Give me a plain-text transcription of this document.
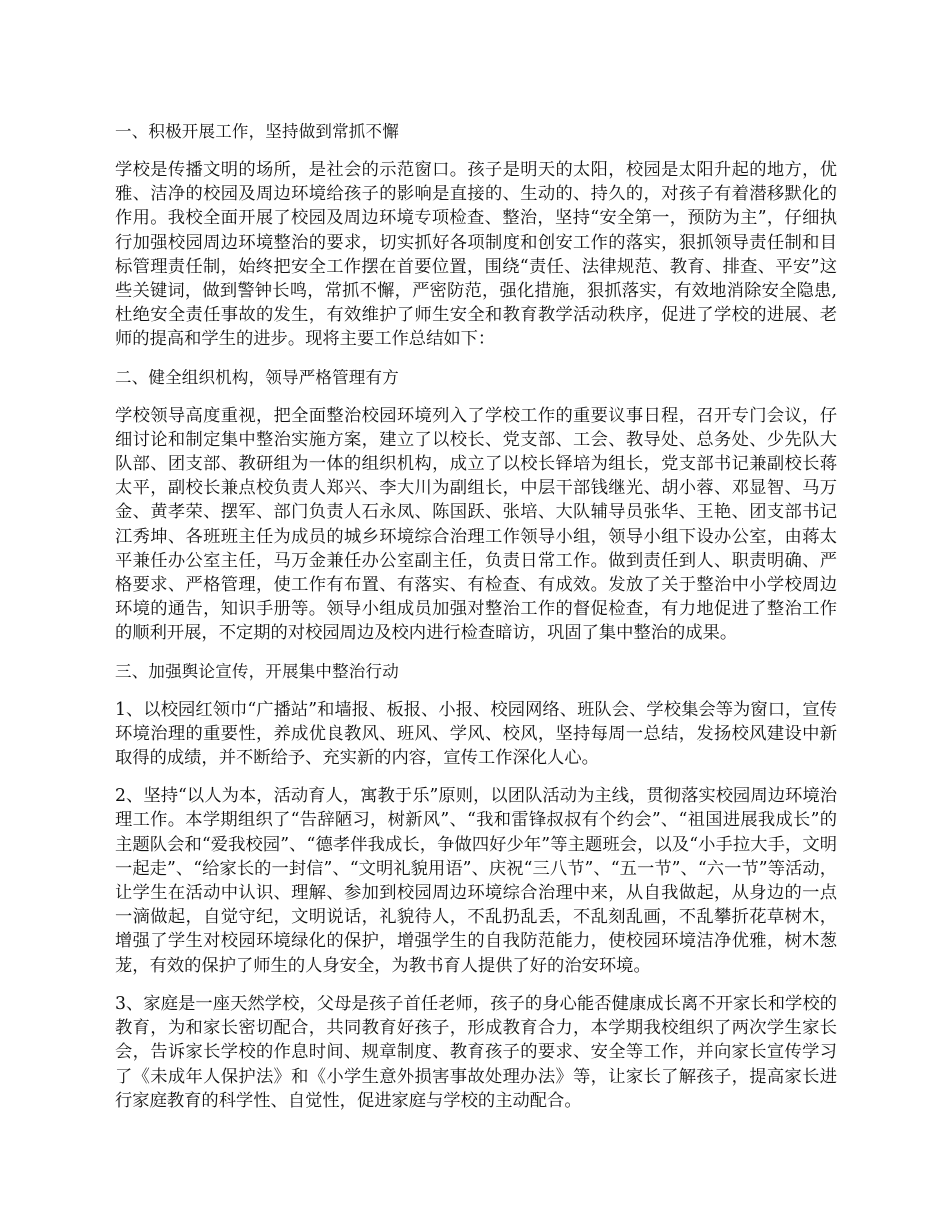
一、积极开展工作，坚持做到常抓不懈
学校是传播文明的场所，是社会的示范窗口。孩子是明天的太阳，校园是太阳升起的地方，优雅、洁净的校园及周边环境给孩子的影响是直接的、生动的、持久的，对孩子有着潜移默化的作用。我校全面开展了校园及周边环境专项检查、整治，坚持“安全第一，预防为主”，仔细执行加强校园周边环境整治的要求，切实抓好各项制度和创安工作的落实，狠抓领导责任制和目标管理责任制，始终把安全工作摆在首要位置，围绕“责任、法律规范、教育、排查、平安”这些关键词，做到警钟长鸣，常抓不懈，严密防范，强化措施，狠抓落实，有效地消除安全隐患,杜绝安全责任事故的发生，有效维护了师生安全和教育教学活动秩序，促进了学校的进展、老师的提高和学生的进步。现将主要工作总结如下：
二、健全组织机构，领导严格管理有方
学校领导高度重视，把全面整治校园环境列入了学校工作的重要议事日程，召开专门会议，仔细讨论和制定集中整治实施方案，建立了以校长、党支部、工会、教导处、总务处、少先队大队部、团支部、教研组为一体的组织机构，成立了以校长铎培为组长，党支部书记兼副校长蒋太平，副校长兼点校负责人郑兴、李大川为副组长，中层干部钱继光、胡小蓉、邓显智、马万金、黄孝荣、摆军、部门负责人石永凤、陈国跃、张培、大队辅导员张华、王艳、团支部书记江秀坤、各班班主任为成员的城乡环境综合治理工作领导小组，领导小组下设办公室，由蒋太平兼任办公室主任，马万金兼任办公室副主任，负责日常工作。做到责任到人、职责明确、严格要求、严格管理，使工作有布置、有落实、有检查、有成效。发放了关于整治中小学校周边环境的通告，知识手册等。领导小组成员加强对整治工作的督促检查，有力地促进了整治工作的顺利开展，不定期的对校园周边及校内进行检查暗访，巩固了集中整治的成果。
三、加强舆论宣传，开展集中整治行动
1、以校园红领巾“广播站”和墙报、板报、小报、校园网络、班队会、学校集会等为窗口，宣传环境治理的重要性，养成优良教风、班风、学风、校风，坚持每周一总结，发扬校风建设中新取得的成绩，并不断给予、充实新的内容，宣传工作深化人心。
2、坚持“以人为本，活动育人，寓教于乐”原则，以团队活动为主线，贯彻落实校园周边环境治理工作。本学期组织了“告辞陋习，树新风”、“我和雷锋叔叔有个约会”、“祖国进展我成长”的主题队会和“爱我校园”、“德孝伴我成长，争做四好少年”等主题班会，以及“小手拉大手，文明一起走”、“给家长的一封信”、“文明礼貌用语”、庆祝“三八节”、“五一节”、“六一节”等活动，让学生在活动中认识、理解、参加到校园周边环境综合治理中来，从自我做起，从身边的一点一滴做起，自觉守纪，文明说话，礼貌待人，不乱扔乱丢，不乱刻乱画，不乱攀折花草树木，增强了学生对校园环境绿化的保护，增强学生的自我防范能力，使校园环境洁净优雅，树木葱茏，有效的保护了师生的人身安全，为教书育人提供了好的治安环境。
3、家庭是一座天然学校，父母是孩子首任老师，孩子的身心能否健康成长离不开家长和学校的教育，为和家长密切配合，共同教育好孩子，形成教育合力，本学期我校组织了两次学生家长会，告诉家长学校的作息时间、规章制度、教育孩子的要求、安全等工作，并向家长宣传学习了《未成年人保护法》和《小学生意外损害事故处理办法》等，让家长了解孩子，提高家长进行家庭教育的科学性、自觉性，促进家庭与学校的主动配合。
